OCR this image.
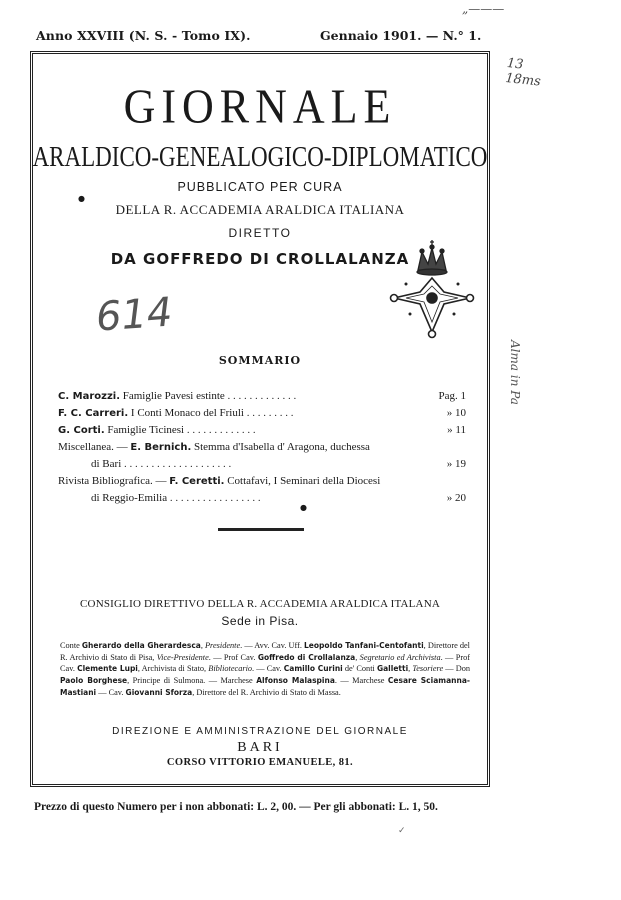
Anno XXVIII (N. S. - Tomo IX).	Gennaio 1901. — N.° 1.
„———
13 18ms
Alma in Pa
GIORNALE
ARALDICO-GENEALOGICO-DIPLOMATICO
PUBBLICATO PER CURA
●
DELLA R. ACCADEMIA ARALDICA ITALIANA
DIRETTO
DA GOFFREDO DI CROLLALANZA
614
SOMMARIO
C. Marozzi. Famiglie Pavesi estinte . . . . . . . . . . . . .	Pag. 1
F. C. Carreri. I Conti Monaco del Friuli . . . . . . . . .	» 10
G. Corti. Famiglie Ticinesi . . . . . . . . . . . . .	» 11
Miscellanea. — E. Bernich. Stemma d'Isabella d' Aragona, duchessa
di Bari . . . . . . . . . . . . . . . . . . . .	» 19
Rivista Bibliografica. — F. Ceretti. Cottafavi, I Seminari della Diocesi
di Reggio-Emilia . . . . . . . . . . . . . . . . .	» 20
●
CONSIGLIO DIRETTIVO DELLA R. ACCADEMIA ARALDICA ITALANA
Sede in Pisa.
Conte Gherardo della Gherardesca, Presidente. — Avv. Cav. Uff. Leopoldo Tanfani-Centofanti, Direttore del R. Archivio di Stato di Pisa, Vice-Presidente. — Prof Cav. Goffredo di Crollalanza, Segretario ed Archivista. — Prof Cav. Clemente Lupi, Archivista di Stato, Bibliotecario. — Cav. Camillo Curini de' Conti Galletti, Tesoriere — Don Paolo Borghese, Principe di Sulmona. — Marchese Alfonso Malaspina. — Marchese Cesare Sciamanna-Mastiani — Cav. Giovanni Sforza, Direttore del R. Archivio di Stato di Massa.
DIREZIONE E AMMINISTRAZIONE DEL GIORNALE
BARI
CORSO VITTORIO EMANUELE, 81.
Prezzo di questo Numero per i non abbonati: L. 2, 00. — Per gli abbonati: L. 1, 50.
✓
